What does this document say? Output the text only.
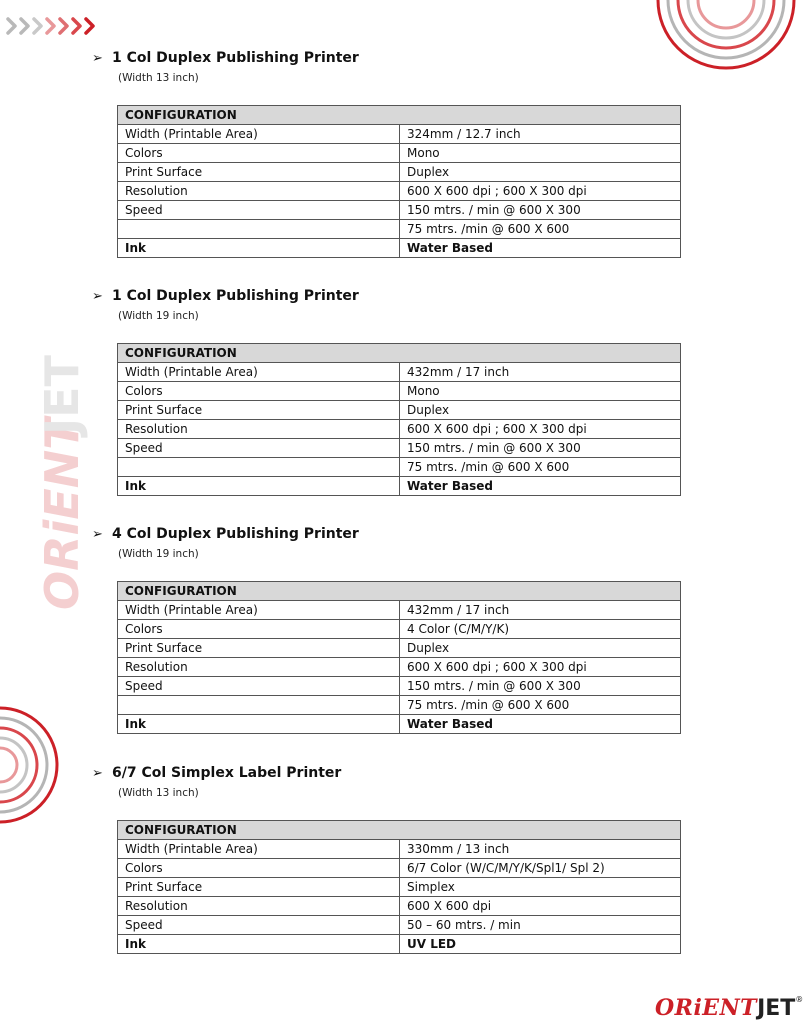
ORiENT
JET
➢ 1 Col Duplex Publishing Printer
(Width 13 inch)
CONFIGURATION	
Width (Printable Area)	324mm / 12.7 inch
Colors	Mono
Print Surface	Duplex
Resolution	600 X 600 dpi ; 600 X 300 dpi
Speed	150 mtrs. / min @ 600 X 300
	75 mtrs. /min @ 600 X 600
Ink	Water Based
➢ 1 Col Duplex Publishing Printer
(Width 19 inch)
CONFIGURATION	
Width (Printable Area)	432mm / 17 inch
Colors	Mono
Print Surface	Duplex
Resolution	600 X 600 dpi ; 600 X 300 dpi
Speed	150 mtrs. / min @ 600 X 300
	75 mtrs. /min @ 600 X 600
Ink	Water Based
➢ 4 Col Duplex Publishing Printer
(Width 19 inch)
CONFIGURATION	
Width (Printable Area)	432mm / 17 inch
Colors	4 Color (C/M/Y/K)
Print Surface	Duplex
Resolution	600 X 600 dpi ; 600 X 300 dpi
Speed	150 mtrs. / min @ 600 X 300
	75 mtrs. /min @ 600 X 600
Ink	Water Based
➢ 6/7 Col Simplex Label Printer
(Width 13 inch)
CONFIGURATION	
Width (Printable Area)	330mm / 13 inch
Colors	6/7 Color (W/C/M/Y/K/Spl1/ Spl 2)
Print Surface	Simplex
Resolution	600 X 600 dpi
Speed	50 – 60 mtrs. / min
Ink	UV LED
ORiENTJET®
